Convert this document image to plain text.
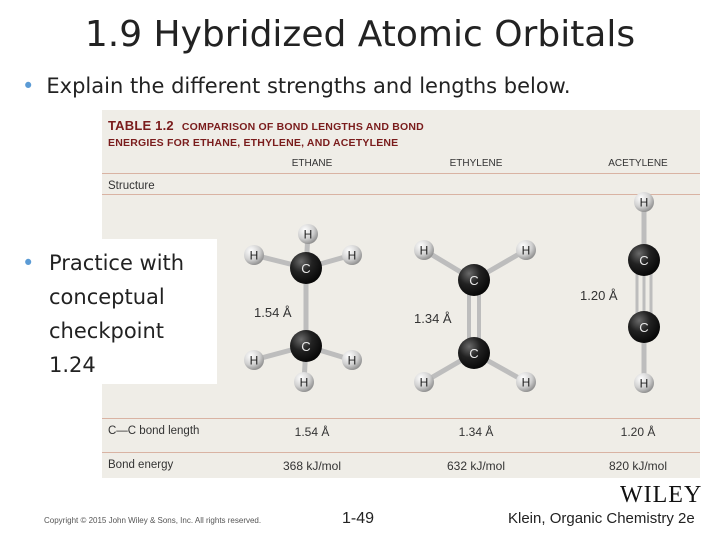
1.9 Hybridized Atomic Orbitals
• Explain the different strengths and lengths below.
TABLE 1.2 COMPARISON OF BOND LENGTHS AND BOND
ENERGIES FOR ETHANE, ETHYLENE, AND ACETYLENE
ETHANE	ETHYLENE	ACETYLENE
Structure
C—C bond length	1.54 Å	1.34 Å	1.20 Å
Bond energy	368 kJ/mol	632 kJ/mol	820 kJ/mol
H	H
H
H	H
H
C
C
1.54 Å
H	H
H	H
C
C
1.34 Å
H
H
C
C
1.20 Å
• Practice with
conceptual
checkpoint
1.24
WILEY
Copyright © 2015 John Wiley & Sons, Inc. All rights reserved.	1-49	Klein, Organic Chemistry 2e
